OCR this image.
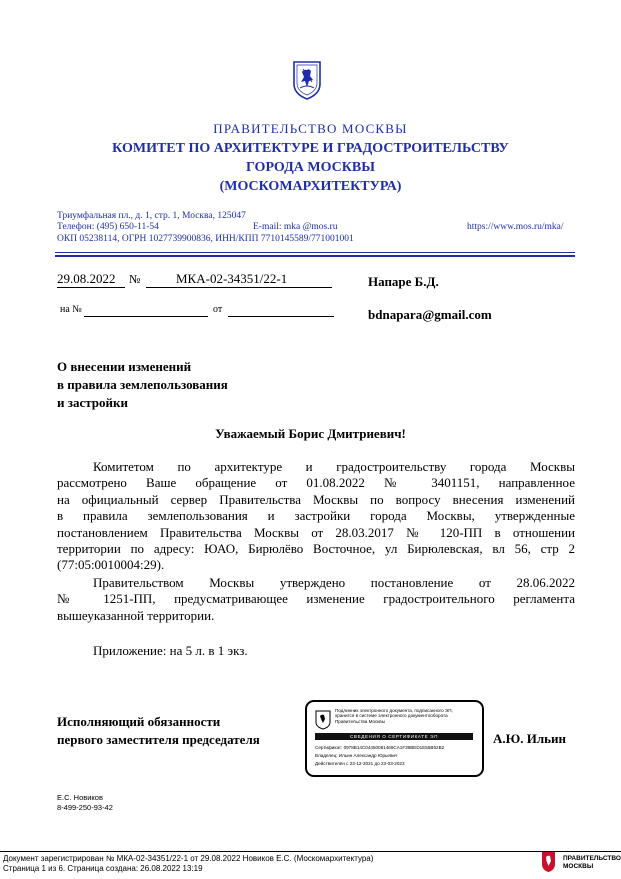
ПРАВИТЕЛЬСТВО МОСКВЫ
КОМИТЕТ ПО АРХИТЕКТУРЕ И ГРАДОСТРОИТЕЛЬСТВУ
ГОРОДА МОСКВЫ
(МОСКОМАРХИТЕКТУРА)
Триумфальная пл., д. 1, стр. 1, Москва, 125047
Телефон: (495) 650-11-54	E-mail: mka @mos.ru	https://www.mos.ru/mka/
ОКП 05238114, ОГРН 1027739900836, ИНН/КПП 7710145589/771001001
29.08.2022	№	МКА-02-34351/22-1
на №	от
Напаре Б.Д.
bdnapara@gmail.com
О внесении изменений
в правила землепользования
и застройки
Уважаемый Борис Дмитриевич!
Комитетом по архитектуре и градостроительству города Москвы
рассмотрено Ваше обращение от 01.08.2022 № 3401151, направленное
на официальный сервер Правительства Москвы по вопросу внесения изменений
в правила землепользования и застройки города Москвы, утвержденные
постановлением Правительства Москвы от 28.03.2017 № 120-ПП в отношении
территории по адресу: ЮАО, Бирюлёво Восточное, ул Бирюлевская, вл 56, стр 2
(77:05:0010004:29).
Правительством Москвы утверждено постановление от 28.06.2022
№ 1251-ПП, предусматривающее изменение градостроительного регламента
вышеуказанной территории.
Приложение: на 5 л. в 1 экз.
Исполняющий обязанности
первого заместителя председателя	А.Ю. Ильин
Подлинник электронного документа, подписанного ЭП,
хранится в системе электронного документооборота
Правительства Москвы
СВЕДЕНИЯ О СЕРТИФИКАТЕ ЭП
Сертификат: 0978B14C04450081469CA1F39BED1E55B52B2
Владелец: Ильин Александр Юрьевич
Действителен с 23-12-2021 до 23-03-2023
Е.С. Новиков
8-499-250-93-42
Документ зарегистрирован № МКА-02-34351/22-1 от 29.08.2022 Новиков Е.С. (Москомархитектура)
Страница 1 из 6. Страница создана: 26.08.2022 13:19
ПРАВИТЕЛЬСТВО
МОСКВЫ
